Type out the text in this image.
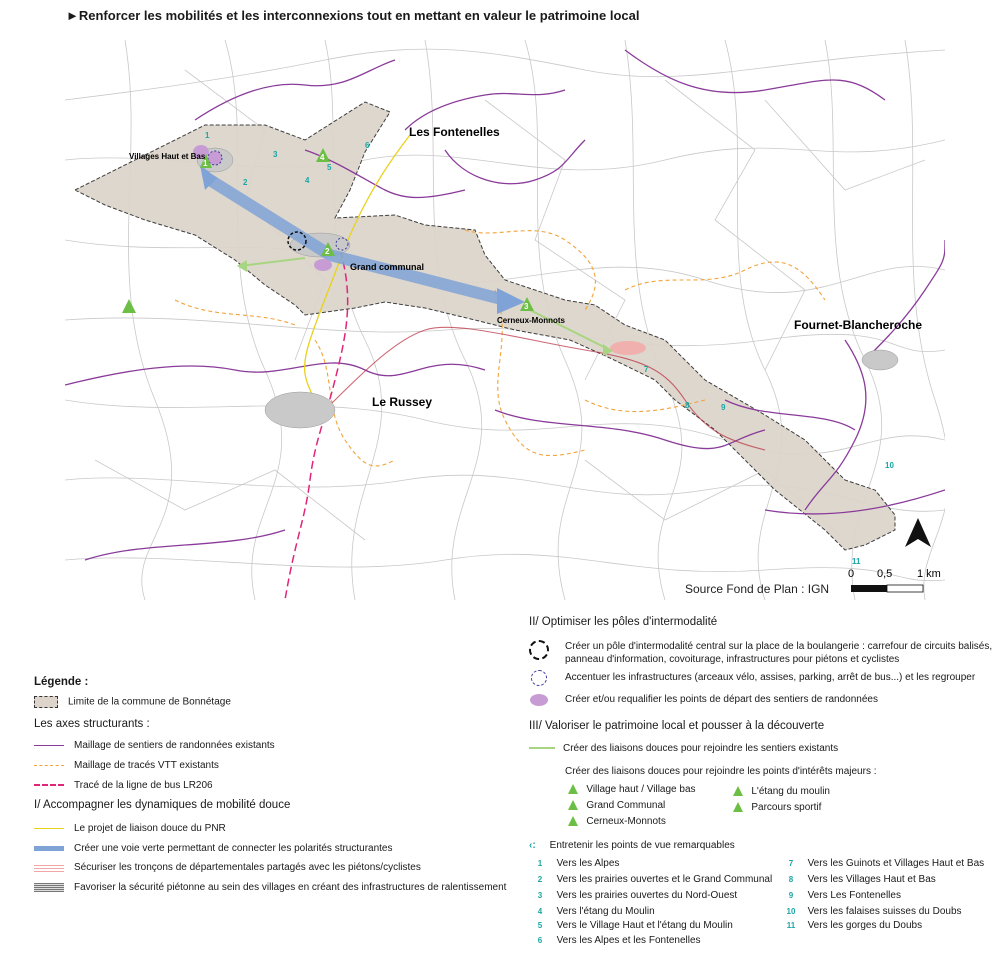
►Renforcer les mobilités et les interconnexions tout en mettant en valeur le patrimoine local
1
2
3
4
1
2
3
4
5
6
7
8	9
10
11
Villages Haut et Bas
Les Fontenelles
Grand communal
Cerneux-Monnots	Fournet-Blancheroche
Le Russey
Source Fond de Plan : IGN
0 0,5 1 km
Légende :
Limite de la commune de Bonnétage
Les axes structurants :
Maillage de sentiers de randonnées existants
Maillage de tracés VTT existants
Tracé de la ligne de bus LR206
I/ Accompagner les dynamiques de mobilité douce
Le projet de liaison douce du PNR
Créer une voie verte permettant de connecter les polarités structurantes
Sécuriser les tronçons de départementales partagés avec les piétons/cyclistes
Favoriser la sécurité piétonne au sein des villages en créant des infrastructures de ralentissement
II/ Optimiser les pôles d'intermodalité
Créer un pôle d'intermodalité central sur la place de la boulangerie : carrefour de circuits balisés, panneau d'information, covoiturage, infrastructures pour piétons et cyclistes
Accentuer les infrastructures (arceaux vélo, assises, parking, arrêt de bus...) et les regrouper
Créer et/ou requalifier les points de départ des sentiers de randonnées
III/ Valoriser le patrimoine local et pousser à la découverte
Créer des liaisons douces pour rejoindre les sentiers existants
Créer des liaisons douces pour rejoindre les points d'intérêts majeurs :
Village haut / Village bas
Grand Communal
Cerneux-Monnots
L'étang du moulin
Parcours sportif
‹: Entretenir les points de vue remarquables
1 Vers les Alpes
2 Vers les prairies ouvertes et le Grand Communal
3 Vers les prairies ouvertes du Nord-Ouest
4 Vers l'étang du Moulin
5 Vers le Village Haut et l'étang du Moulin
6 Vers les Alpes et les Fontenelles
7 Vers les Guinots et Villages Haut et Bas
8 Vers les Villages Haut et Bas
9 Vers Les Fontenelles
10 Vers les falaises suisses du Doubs
11 Vers les gorges du Doubs
